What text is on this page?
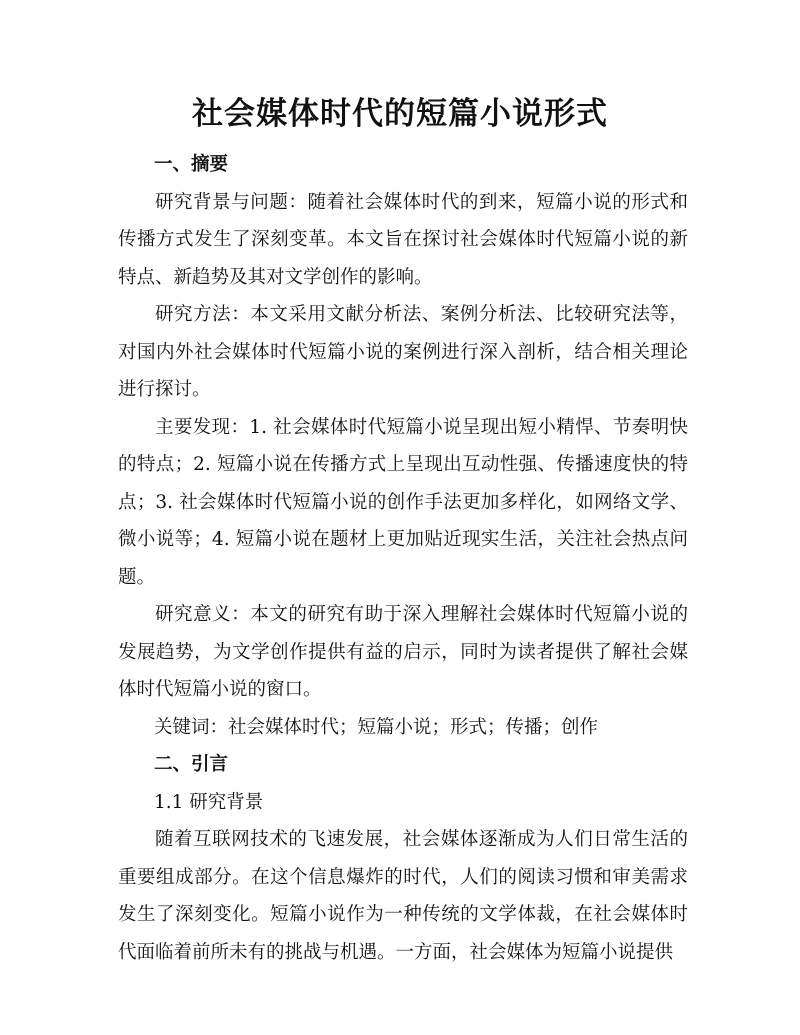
社会媒体时代的短篇小说形式

一、摘要

研究背景与问题：随着社会媒体时代的到来，短篇小说的形式和传播方式发生了深刻变革。本文旨在探讨社会媒体时代短篇小说的新特点、新趋势及其对文学创作的影响。

研究方法：本文采用文献分析法、案例分析法、比较研究法等，对国内外社会媒体时代短篇小说的案例进行深入剖析，结合相关理论进行探讨。

主要发现：1. 社会媒体时代短篇小说呈现出短小精悍、节奏明快的特点；2. 短篇小说在传播方式上呈现出互动性强、传播速度快的特点；3. 社会媒体时代短篇小说的创作手法更加多样化，如网络文学、微小说等；4. 短篇小说在题材上更加贴近现实生活，关注社会热点问题。

研究意义：本文的研究有助于深入理解社会媒体时代短篇小说的发展趋势，为文学创作提供有益的启示，同时为读者提供了解社会媒体时代短篇小说的窗口。

关键词：社会媒体时代；短篇小说；形式；传播；创作

二、引言

1.1 研究背景

随着互联网技术的飞速发展，社会媒体逐渐成为人们日常生活的重要组成部分。在这个信息爆炸的时代，人们的阅读习惯和审美需求发生了深刻变化。短篇小说作为一种传统的文学体裁，在社会媒体时代面临着前所未有的挑战与机遇。一方面，社会媒体为短篇小说提供
